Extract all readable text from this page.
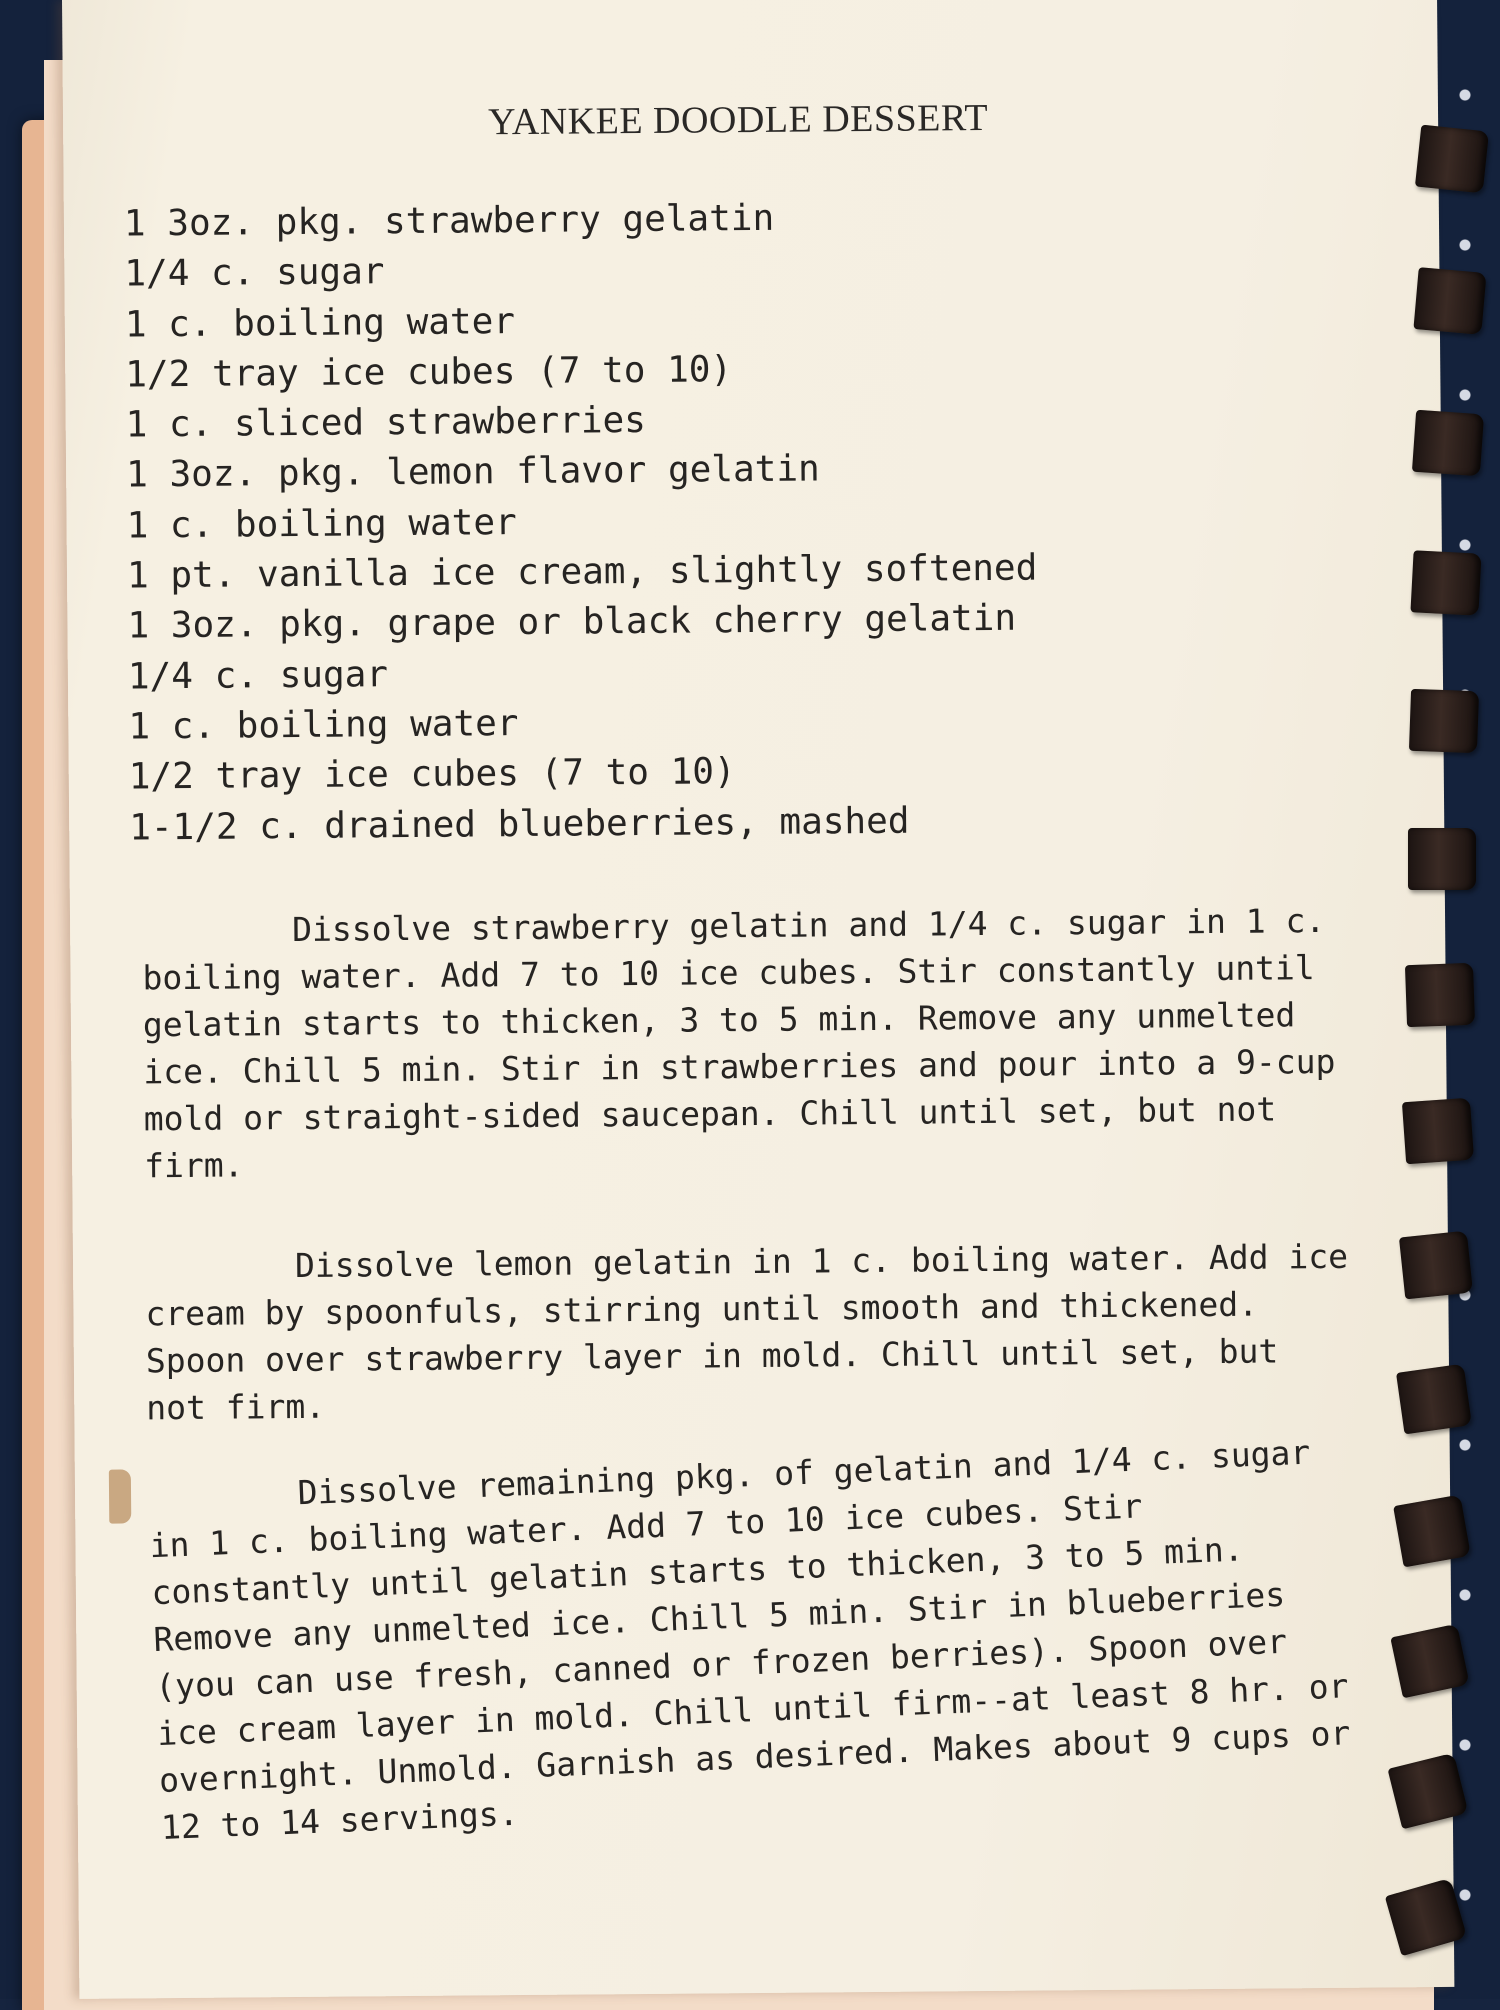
YANKEE DOODLE DESSERT
1 3oz. pkg. strawberry gelatin
1/4 c. sugar
1 c. boiling water
1/2 tray ice cubes (7 to 10)
1 c. sliced strawberries
1 3oz. pkg. lemon flavor gelatin
1 c. boiling water
1 pt. vanilla ice cream, slightly softened
1 3oz. pkg. grape or black cherry gelatin
1/4 c. sugar
1 c. boiling water
1/2 tray ice cubes (7 to 10)
1-1/2 c. drained blueberries, mashed

Dissolve strawberry gelatin and 1/4 c. sugar in 1 c. boiling water. Add 7 to 10 ice cubes. Stir constantly until gelatin starts to thicken, 3 to 5 min. Remove any unmelted ice. Chill 5 min. Stir in strawberries and pour into a 9-cup mold or straight-sided saucepan. Chill until set, but not firm.

Dissolve lemon gelatin in 1 c. boiling water. Add ice cream by spoonfuls, stirring until smooth and thickened. Spoon over strawberry layer in mold. Chill until set, but not firm.

Dissolve remaining pkg. of gelatin and 1/4 c. sugar in 1 c. boiling water. Add 7 to 10 ice cubes. Stir constantly until gelatin starts to thicken, 3 to 5 min. Remove any unmelted ice. Chill 5 min. Stir in blueberries (you can use fresh, canned or frozen berries). Spoon over ice cream layer in mold. Chill until firm--at least 8 hr. or overnight. Unmold. Garnish as desired. Makes about 9 cups or 12 to 14 servings.
